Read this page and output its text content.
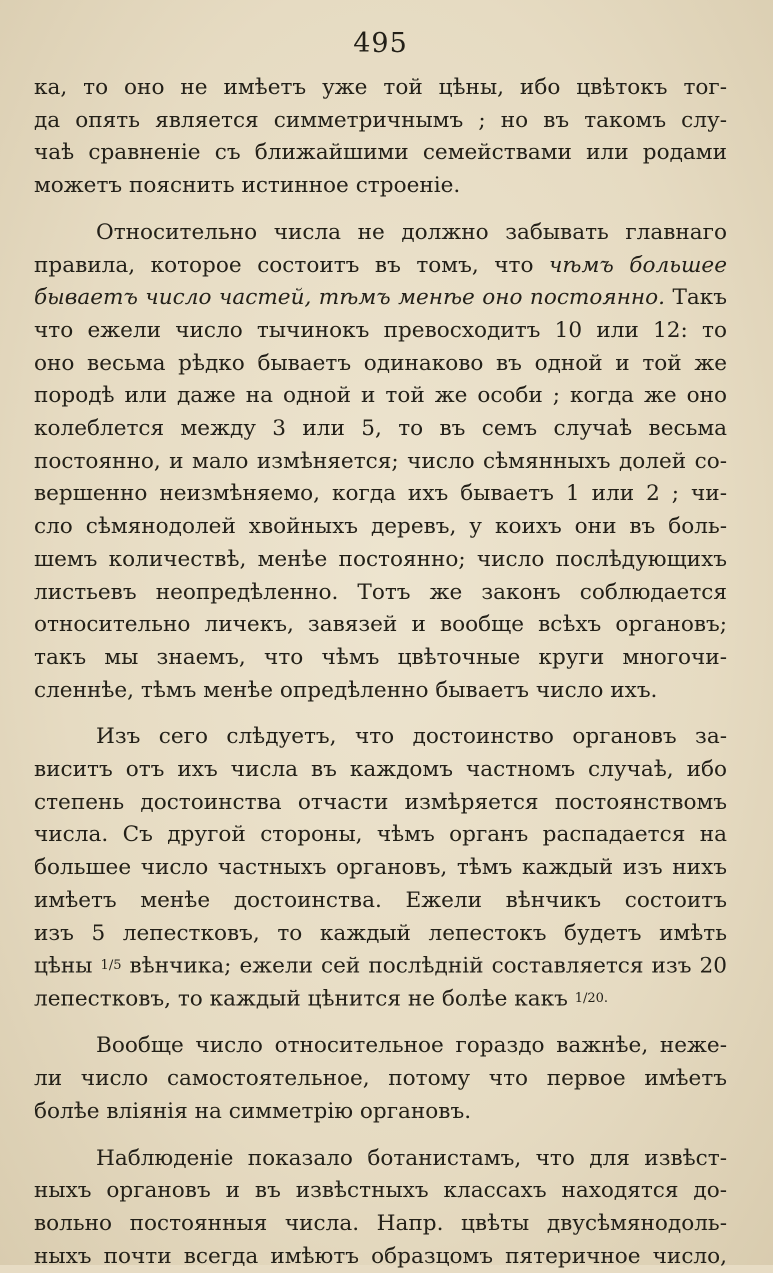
495
ка, то оно не имѣетъ уже той цѣны, ибо цвѣтокъ тог-
да опять является симметричнымъ ; но въ такомъ слу-
чаѣ сравненіе съ ближайшими семействами или родами
можетъ пояснить истинное строеніе.
Относительно числа не должно забывать главнаго
правила, которое состоитъ въ томъ, что чѣмъ большее
бываетъ число частей, тѣмъ менѣе оно постоянно. Такъ
что ежели число тычинокъ превосходитъ 10 или 12: то
оно весьма рѣдко бываетъ одинаково въ одной и той же
породѣ или даже на одной и той же особи ; когда же оно
колеблется между 3 или 5, то въ семъ случаѣ весьма
постоянно, и мало измѣняется; число сѣмянныхъ долей со-
вершенно неизмѣняемо, когда ихъ бываетъ 1 или 2 ; чи-
сло сѣмянодолей хвойныхъ деревъ, у коихъ они въ боль-
шемъ количествѣ, менѣе постоянно; число послѣдующихъ
листьевъ неопредѣленно. Тотъ же законъ соблюдается
относительно личекъ, завязей и вообще всѣхъ органовъ;
такъ мы знаемъ, что чѣмъ цвѣточные круги многочи-
сленнѣе, тѣмъ менѣе опредѣленно бываетъ число ихъ.
Изъ сего слѣдуетъ, что достоинство органовъ за-
виситъ отъ ихъ числа въ каждомъ частномъ случаѣ, ибо
степень достоинства отчасти измѣряется постоянствомъ
числа. Съ другой стороны, чѣмъ органъ распадается на
большее число частныхъ органовъ, тѣмъ каждый изъ нихъ
имѣетъ менѣе достоинства. Ежели вѣнчикъ состоитъ
изъ 5 лепестковъ, то каждый лепестокъ будетъ имѣть
цѣны 1/5 вѣнчика; ежели сей послѣдній составляется изъ 20
лепестковъ, то каждый цѣнится не болѣе какъ 1/20.
Вообще число относительное гораздо важнѣе, неже-
ли число самостоятельное, потому что первое имѣетъ
болѣе вліянія на симметрію органовъ.
Наблюденіе показало ботанистамъ, что для извѣст-
ныхъ органовъ и въ извѣстныхъ классахъ находятся до-
вольно постоянныя числа. Напр. цвѣты двусѣмянодоль-
ныхъ почти всегда имѣютъ образцомъ пятеричное число,
